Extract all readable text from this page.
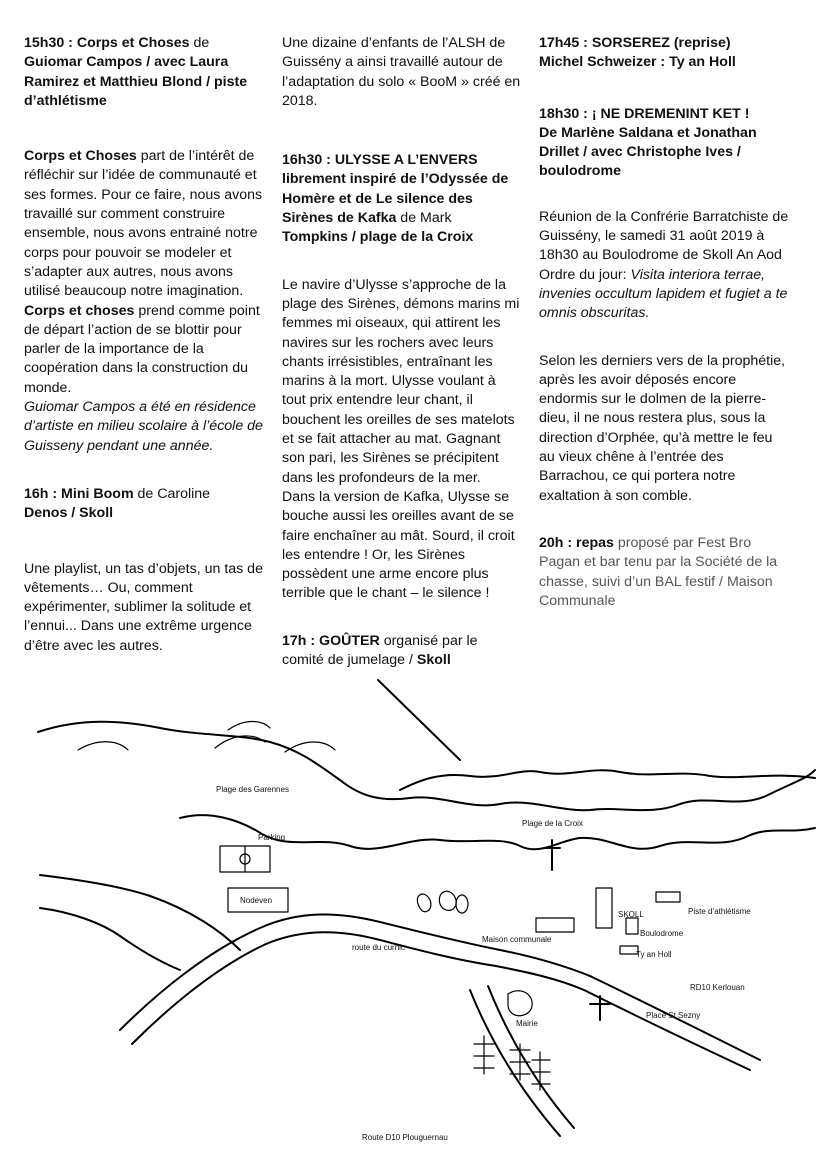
15h30 : Corps et Choses de
Guiomar Campos / avec Laura Ramirez et Matthieu Blond / piste d’athlétisme

Corps et Choses part de l’intérêt de réfléchir sur l’idée de communauté et ses formes. Pour ce faire, nous avons travaillé sur comment construire ensemble, nous avons entrainé notre corps pour pouvoir se modeler et s’adapter aux autres, nous avons utilisé beaucoup notre imagination.
Corps et choses prend comme point de départ l’action de se blottir pour parler de la importance de la coopération dans la construction du monde.
Guiomar Campos a été en résidence d’artiste en milieu scolaire à l’école de Guisseny pendant une année.

16h : Mini Boom de Caroline
Denos / Skoll

Une playlist, un tas d’objets, un tas de vêtements… Ou, comment expérimenter, sublimer la solitude et l’ennui... Dans une extrême urgence d’être avec les autres.

Une dizaine d’enfants de l’ALSH de Guissény a ainsi travaillé autour de l’adaptation du solo « BooM » créé en 2018.

16h30 : ULYSSE A L’ENVERS librement inspiré de l’Odyssée de Homère et de Le silence des Sirènes de Kafka de Mark
Tompkins / plage de la Croix

Le navire d’Ulysse s’approche de la plage des Sirènes, démons marins mi femmes mi oiseaux, qui attirent les navires sur les rochers avec leurs chants irrésistibles, entraînant les marins à la mort. Ulysse voulant à tout prix entendre leur chant, il bouchent les oreilles de ses matelots et se fait attacher au mat. Gagnant son pari, les Sirènes se précipitent dans les profondeurs de la mer.

Dans la version de Kafka, Ulysse se bouche aussi les oreilles avant de se faire enchaîner au mât. Sourd, il croit les entendre ! Or, les Sirènes possèdent une arme encore plus terrible que le chant – le silence !

17h : GOÛTER organisé par le comité de jumelage / Skoll

17h45 : SORSEREZ (reprise)
Michel Schweizer : Ty an Holl

18h30 : ¡ NE DREMENINT KET !
De Marlène Saldana et Jonathan Drillet / avec Christophe Ives / boulodrome

Réunion de la Confrérie Barratchiste de Guissény, le samedi 31 août 2019 à 18h30 au Boulodrome de Skoll An Aod Ordre du jour: Visita interiora terrae, invenies occultum lapidem et fugiet a te omnis obscuritas.

Selon les derniers vers de la prophétie, après les avoir déposés encore endormis sur le dolmen de la pierre-dieu, il ne nous restera plus, sous la direction d’Orphée, qu’à mettre le feu au vieux chêne à l’entrée des Barrachou, ce qui portera notre exaltation à son comble.

20h : repas proposé par Fest Bro Pagan et bar tenu par la Société de la chasse, suivi d’un BAL festif / Maison Communale

Plage des Garennes
Parking
Nodeven
Plage de la Croix
route du curnic
Maison communale
SKOLL	Piste d’athlétisme
Boulodrome
Ty an Holl
RD10 Kerlouan
Place St Sezny
Mairie
Route D10 Plouguernau
